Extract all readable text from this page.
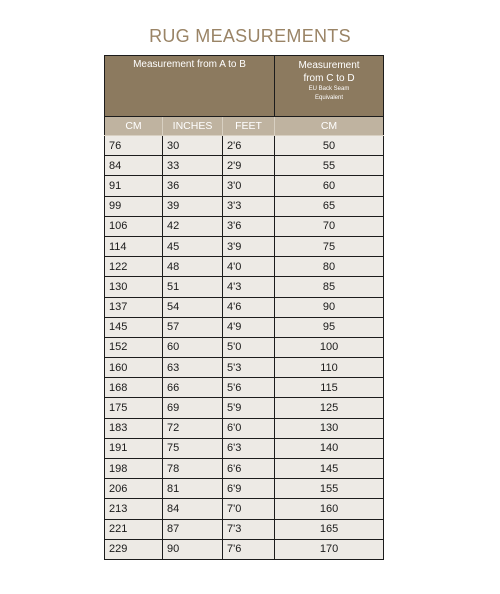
RUG MEASUREMENTS
Measurement from A to B			Measurement
from C to D
EU Back Seam
Equivalent

CM	INCHES	FEET	CM
76	30	2'6	50
84	33	2'9	55
91	36	3'0	60
99	39	3'3	65
106	42	3'6	70
114	45	3'9	75
122	48	4'0	80
130	51	4'3	85
137	54	4'6	90
145	57	4'9	95
152	60	5'0	100
160	63	5'3	110
168	66	5'6	115
175	69	5'9	125
183	72	6'0	130
191	75	6'3	140
198	78	6'6	145
206	81	6'9	155
213	84	7'0	160
221	87	7'3	165
229	90	7'6	170
